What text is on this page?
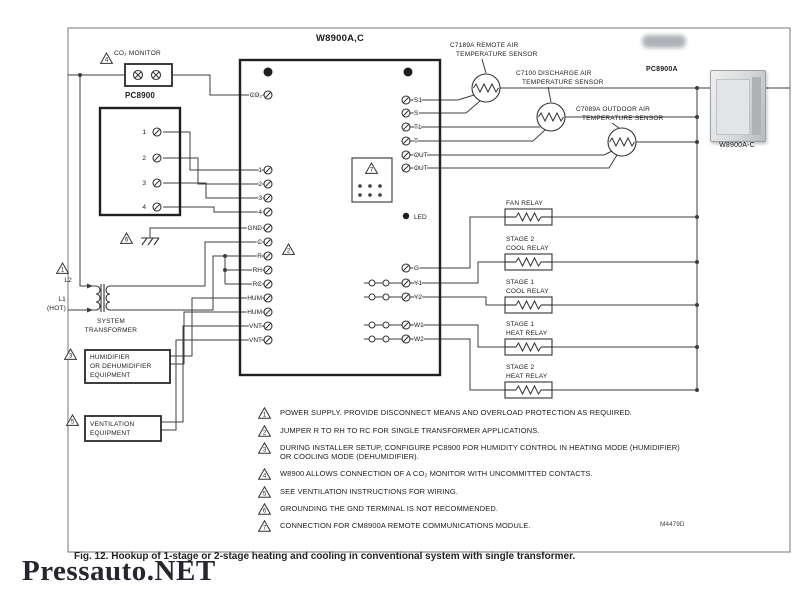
CO₂
1
2
3
4
GND
C
R
RH
RC
HUM
HUM
VNT
VNT
S1
S
T1
T
OUT
OUT
LED
G
Y1
Y2
W1
W2
1
2
3
4
4
1
6
2
3
5
7
CO₂ MONITOR
PC8900
W8900A,C
PC8900A
C7189A REMOTE AIR
TEMPERATURE SENSOR
C7100 DISCHARGE AIR
TEMPERATURE SENSOR
C7089A OUTDOOR AIR
TEMPERATURE SENSOR
FAN RELAY
STAGE 2
COOL RELAY
STAGE 1
COOL RELAY
STAGE 1
HEAT RELAY
STAGE 2
HEAT RELAY
L2
L1
(HOT)
SYSTEM
TRANSFORMER
HUMIDIFIER
OR DEHUMIDIFIER
EQUIPMENT
VENTILATION
EQUIPMENT
1 POWER SUPPLY. PROVIDE DISCONNECT MEANS AND OVERLOAD PROTECTION AS REQUIRED.
2 JUMPER R TO RH TO RC FOR SINGLE TRANSFORMER APPLICATIONS.
3 DURING INSTALLER SETUP, CONFIGURE PC8900 FOR HUMIDITY CONTROL IN HEATING MODE (HUMIDIFIER) OR COOLING MODE (DEHUMIDIFIER).
4 W8900 ALLOWS CONNECTION OF A CO₂ MONITOR WITH UNCOMMITTED CONTACTS.
5 SEE VENTILATION INSTRUCTIONS FOR WIRING.
6 GROUNDING THE GND TERMINAL IS NOT RECOMMENDED.
7 CONNECTION FOR CM8900A REMOTE COMMUNICATIONS MODULE.	M4479D
W8900A-C
Fig. 12. Hookup of 1-stage or 2-stage heating and cooling in conventional system with single transformer.
Pressauto.NET
